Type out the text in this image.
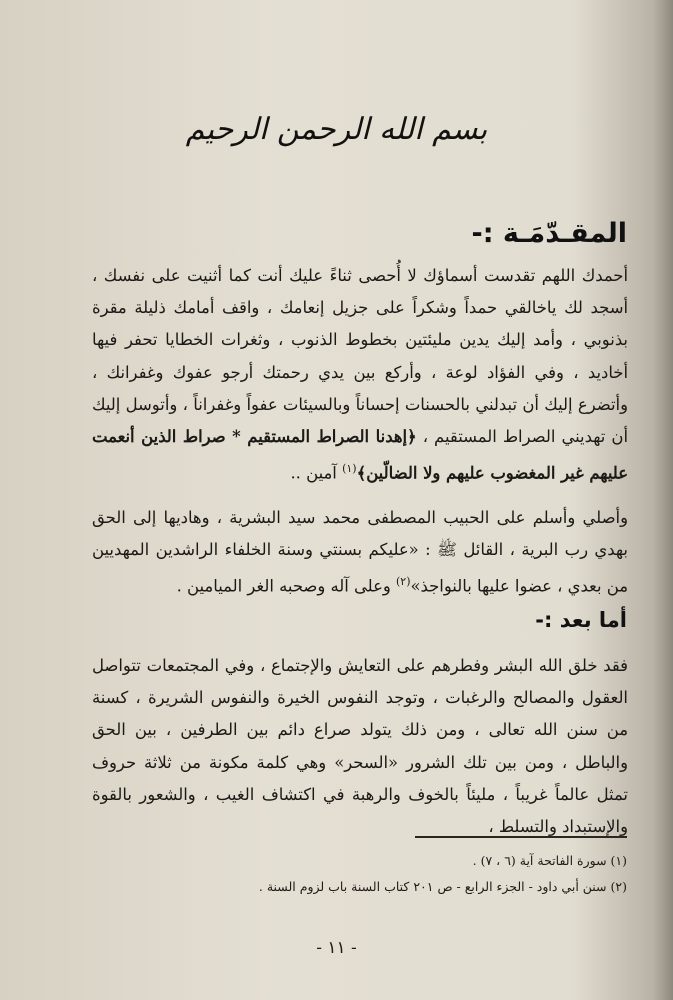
بسم الله الرحمن الرحيم
المقـدّمَـة :-

أحمدك اللهم تقدست أسماؤك لا أُحصى ثناءً عليك أنت كما أثنيت على نفسك ، أسجد لك ياخالقي حمداً وشكراً على جزيل إنعامك ، واقف أمامك ذليلة مقرة بذنوبي ، وأمد إليك يدين مليئتين بخطوط الذنوب ، وثغرات الخطايا تحفر فيها أخاديد ، وفي الفؤاد لوعة ، وأركع بين يدي رحمتك أرجو عفوك وغفرانك ، وأتضرع إليك أن تبدلني بالحسنات إحساناً وبالسيئات عفواً وغفراناً ، وأتوسل إليك أن تهديني الصراط المستقيم ، ﴿إهدنا الصراط المستقيم * صراط الذين أنعمت عليهم غير المغضوب عليهم ولا الضالّين﴾$^{(١)}$ آمين ..

وأصلي وأسلم على الحبيب المصطفى محمد سيد البشرية ، وهاديها إلى الحق بهدي رب البرية ، القائل ﷺ : «عليكم بسنتي وسنة الخلفاء الراشدين المهديين من بعدي ، عضوا عليها بالنواجذ»$^{(٢)}$ وعلى آله وصحبه الغر الميامين .

أما بعد :-

فقد خلق الله البشر وفطرهم على التعايش والإجتماع ، وفي المجتمعات تتواصل العقول والمصالح والرغبات ، وتوجد النفوس الخيرة والنفوس الشريرة ، كسنة من سنن الله تعالى ، ومن ذلك يتولد صراع دائم بين الطرفين ، بين الحق والباطل ، ومن بين تلك الشرور «السحر» وهي كلمة مكونة من ثلاثة حروف تمثل عالماً غريباً ، مليئاً بالخوف والرهبة في اكتشاف الغيب ، والشعور بالقوة والإستبداد والتسلط ،

(١) سورة الفاتحة آية (٦ ، ٧) .
(٢) سنن أبي داود - الجزء الرابع - ص ٢٠١ كتاب السنة باب لزوم السنة .
- ١١ -
